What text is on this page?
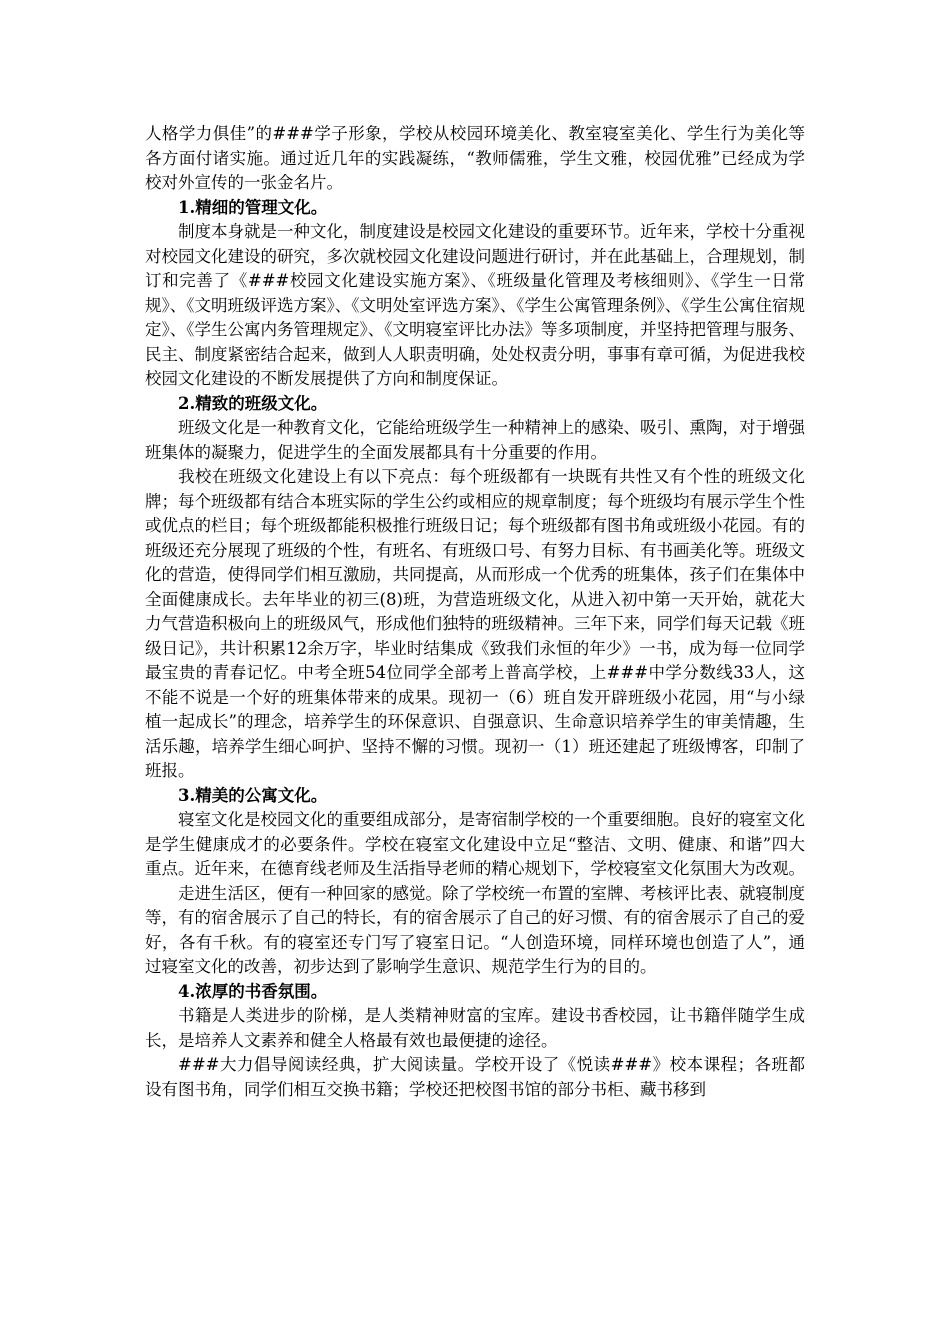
人格学力俱佳”的###学子形象，学校从校园环境美化、教室寝室美化、学生行为美化等各方面付诸实施。通过近几年的实践凝练，“教师儒雅，学生文雅，校园优雅”已经成为学校对外宣传的一张金名片。

1.精细的管理文化。

制度本身就是一种文化，制度建设是校园文化建设的重要环节。近年来，学校十分重视对校园文化建设的研究，多次就校园文化建设问题进行研讨，并在此基础上，合理规划，制订和完善了《###校园文化建设实施方案》、《班级量化管理及考核细则》、《学生一日常规》、《文明班级评选方案》、《文明处室评选方案》、《学生公寓管理条例》、《学生公寓住宿规定》、《学生公寓内务管理规定》、《文明寝室评比办法》等多项制度，并坚持把管理与服务、民主、制度紧密结合起来，做到人人职责明确，处处权责分明，事事有章可循，为促进我校校园文化建设的不断发展提供了方向和制度保证。

2.精致的班级文化。

班级文化是一种教育文化，它能给班级学生一种精神上的感染、吸引、熏陶，对于增强班集体的凝聚力，促进学生的全面发展都具有十分重要的作用。

我校在班级文化建设上有以下亮点：每个班级都有一块既有共性又有个性的班级文化牌；每个班级都有结合本班实际的学生公约或相应的规章制度；每个班级均有展示学生个性或优点的栏目；每个班级都能积极推行班级日记；每个班级都有图书角或班级小花园。有的班级还充分展现了班级的个性，有班名、有班级口号、有努力目标、有书画美化等。班级文化的营造，使得同学们相互激励，共同提高，从而形成一个优秀的班集体，孩子们在集体中全面健康成长。去年毕业的初三(8)班，为营造班级文化，从进入初中第一天开始，就花大力气营造积极向上的班级风气，形成他们独特的班级精神。三年下来，同学们每天记载《班级日记》，共计积累12余万字，毕业时结集成《致我们永恒的年少》一书，成为每一位同学最宝贵的青春记忆。中考全班54位同学全部考上普高学校，上###中学分数线33人，这不能不说是一个好的班集体带来的成果。现初一（6）班自发开辟班级小花园，用“与小绿植一起成长”的理念，培养学生的环保意识、自强意识、生命意识培养学生的审美情趣，生活乐趣，培养学生细心呵护、坚持不懈的习惯。现初一（1）班还建起了班级博客，印制了班报。

3.精美的公寓文化。

寝室文化是校园文化的重要组成部分，是寄宿制学校的一个重要细胞。良好的寝室文化是学生健康成才的必要条件。学校在寝室文化建设中立足“整洁、文明、健康、和谐”四大重点。近年来，在德育线老师及生活指导老师的精心规划下，学校寝室文化氛围大为改观。

走进生活区，便有一种回家的感觉。除了学校统一布置的室牌、考核评比表、就寝制度等，有的宿舍展示了自己的特长，有的宿舍展示了自己的好习惯、有的宿舍展示了自己的爱好，各有千秋。有的寝室还专门写了寝室日记。“人创造环境，同样环境也创造了人”，通过寝室文化的改善，初步达到了影响学生意识、规范学生行为的目的。

4.浓厚的书香氛围。

书籍是人类进步的阶梯，是人类精神财富的宝库。建设书香校园，让书籍伴随学生成长，是培养人文素养和健全人格最有效也最便捷的途径。

###大力倡导阅读经典，扩大阅读量。学校开设了《悦读###》校本课程；各班都设有图书角，同学们相互交换书籍；学校还把校图书馆的部分书柜、藏书移到
